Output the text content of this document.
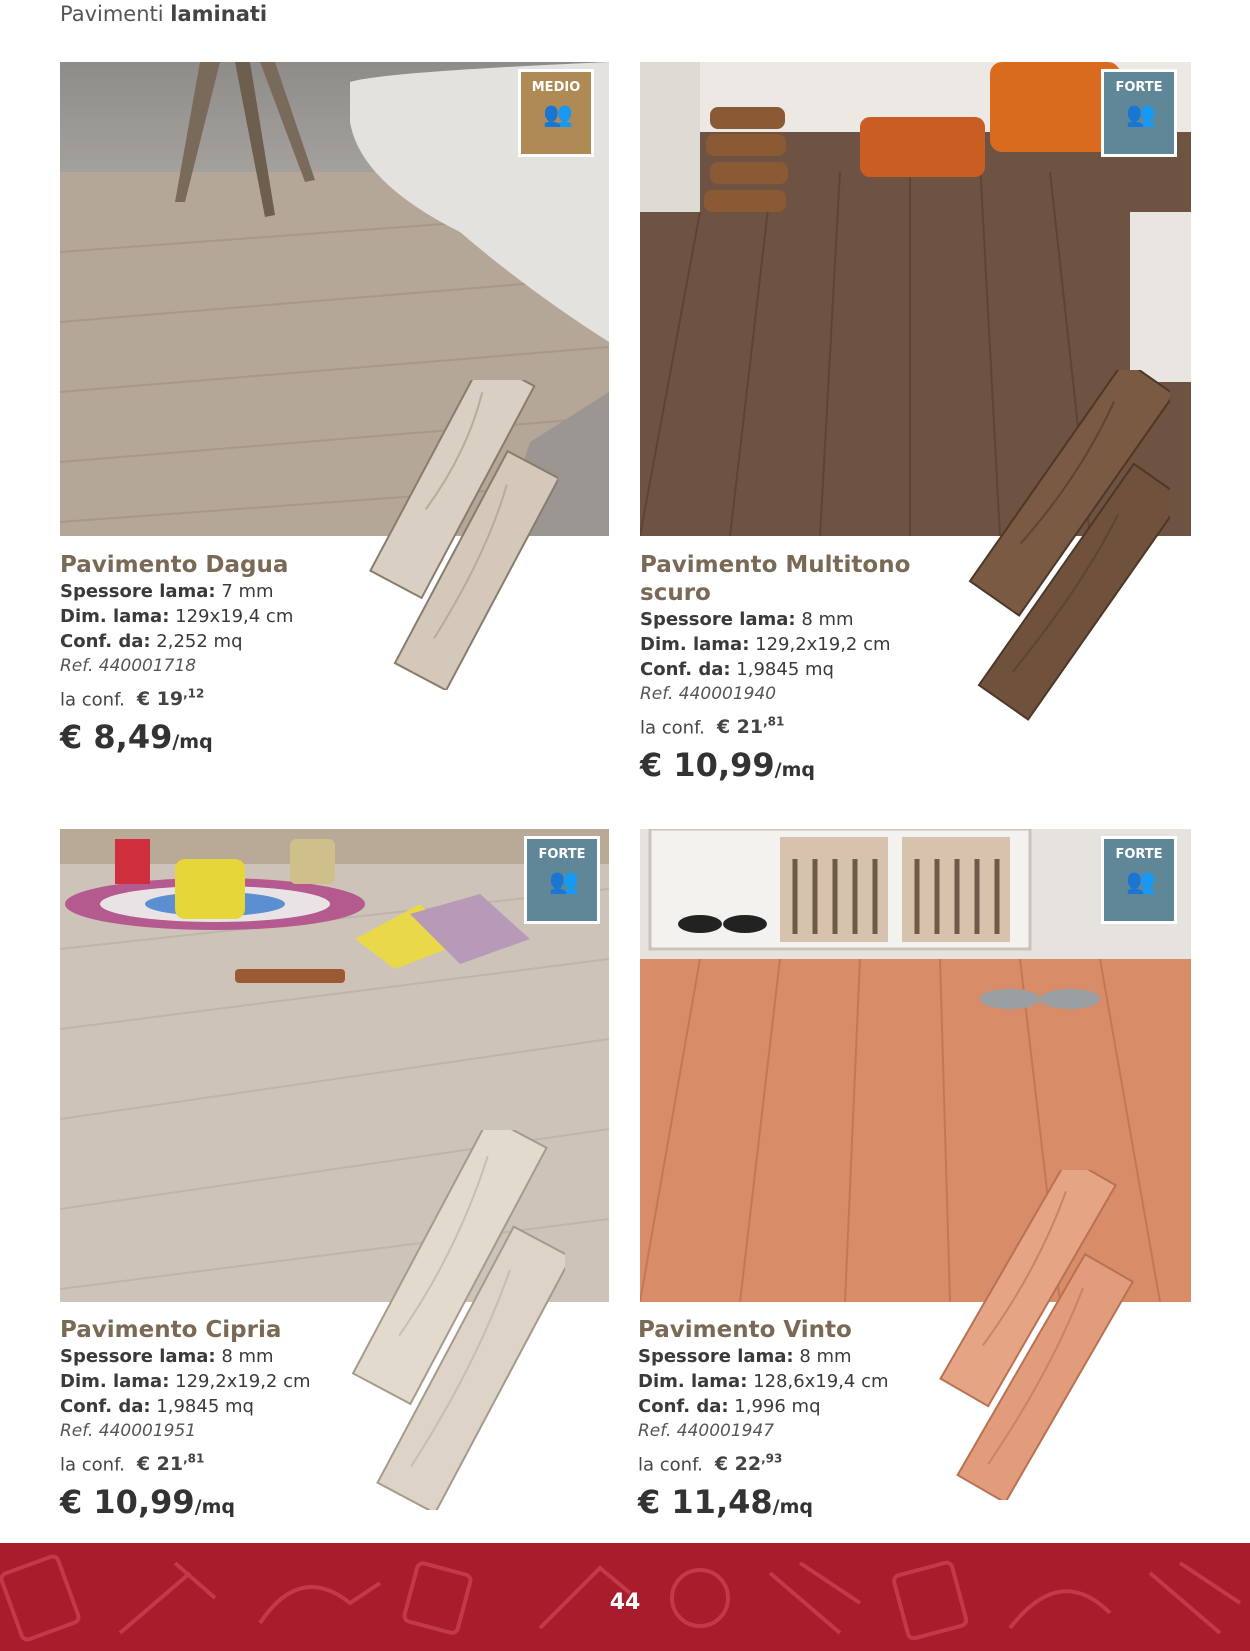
Pavimenti laminati
MEDIO
👥
Pavimento Dagua
Spessore lama: 7 mm
Dim. lama: 129x19,4 cm
Conf. da: 2,252 mq
Ref. 440001718
la conf. € $19^{,12}$
€ 8,49/mq
FORTE
👥
Pavimento Multitono
scuro
Spessore lama: 8 mm
Dim. lama: 129,2x19,2 cm
Conf. da: 1,9845 mq
Ref. 440001940
la conf. € $21^{,81}$
€ 10,99/mq
FORTE
👥
Pavimento Cipria
Spessore lama: 8 mm
Dim. lama: 129,2x19,2 cm
Conf. da: 1,9845 mq
Ref. 440001951
la conf. € $21^{,81}$
€ 10,99/mq
FORTE
👥
Pavimento Vinto
Spessore lama: 8 mm
Dim. lama: 128,6x19,4 cm
Conf. da: 1,996 mq
Ref. 440001947
la conf. € $22^{,93}$
€ 11,48/mq
44
